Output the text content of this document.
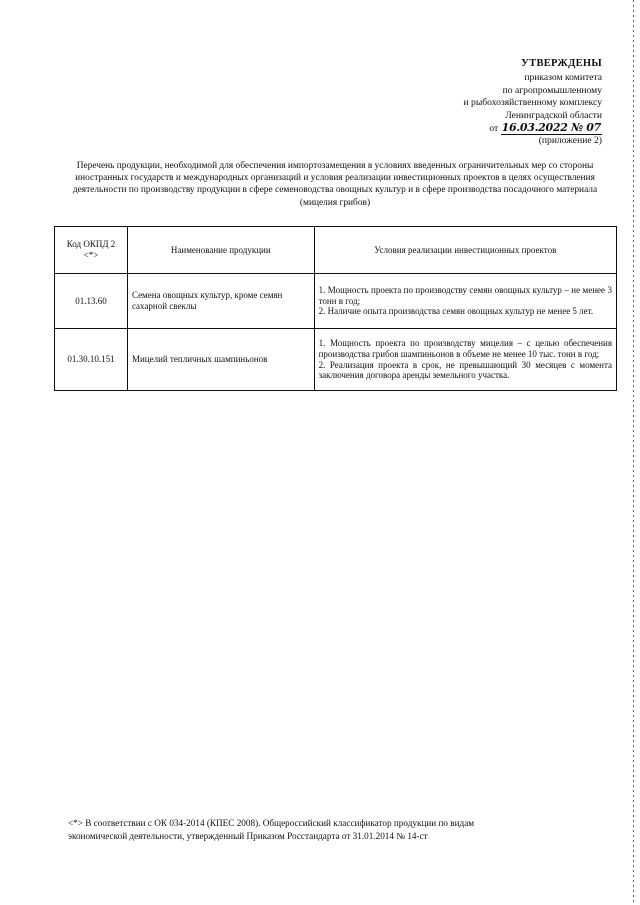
УТВЕРЖДЕНЫ
приказом комитета
по агропромышленному
и рыбохозяйственному комплексу
Ленинградской области
от 16.03.2022 № 07
(приложение 2)
Перечень продукции, необходимой для обеспечения импортозамещения в условиях введенных ограничительных мер со стороны иностранных государств и международных организаций и условия реализации инвестиционных проектов в целях осуществления деятельности по производству продукции в сфере семеноводства овощных культур и в сфере производства посадочного материала (мицелия грибов)
Код ОКПД 2 <*>	Наименование продукции	Условия реализации инвестиционных проектов
01.13.60	Семена овощных культур, кроме семян сахарной свеклы	1. Мощность проекта по производству семян овощных культур – не менее 3 тонн в год;
2. Наличие опыта производства семян овощных культур не менее 5 лет.

01.30.10.151	Мицелий тепличных шампиньонов	1. Мощность проекта по производству мицелия – с целью обеспечения производства грибов шампиньонов в объеме не менее 10 тыс. тонн в год;
2. Реализация проекта в срок, не превышающий 30 месяцев с момента заключения договора аренды земельного участка.
<*> В соответствии с ОК 034-2014 (КПЕС 2008). Общероссийский классификатор продукции по видам
экономической деятельности, утвержденный Приказом Росстандарта от 31.01.2014 № 14-ст
